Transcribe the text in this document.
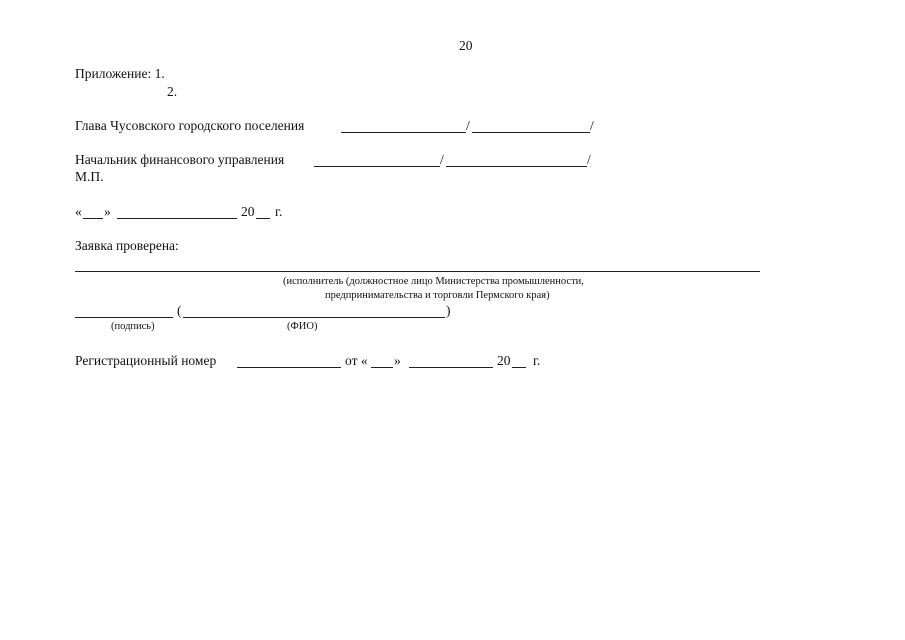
20
Приложение: 1.
2.
Глава Чусовского городского поселения	/	/
Начальник финансового управления	/	/
М.П.
« »	20 г.
Заявка проверена:
(исполнитель (должностное лицо Министерства промышленности,
предпринимательства и торговли Пермского края)
(	)
(подпись)	(ФИО)
Регистрационный номер	от « »	20 г.
